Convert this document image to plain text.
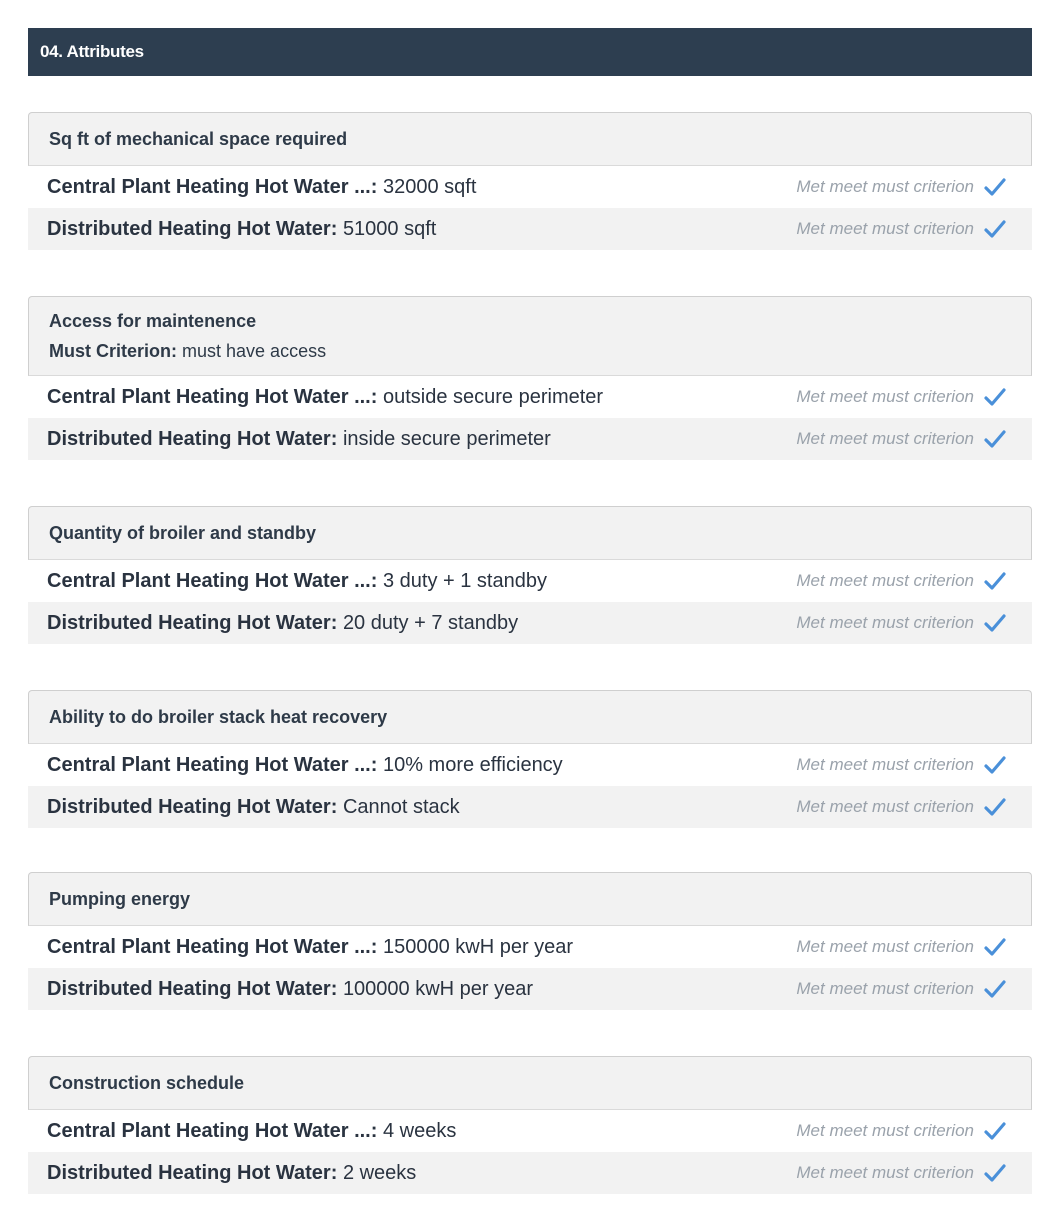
04. Attributes
Sq ft of mechanical space required
Central Plant Heating Hot Water ...: 32000 sqft	Met meet must criterion
Distributed Heating Hot Water: 51000 sqft	Met meet must criterion
Access for maintenence
Must Criterion: must have access
Central Plant Heating Hot Water ...: outside secure perimeter	Met meet must criterion
Distributed Heating Hot Water: inside secure perimeter	Met meet must criterion
Quantity of broiler and standby
Central Plant Heating Hot Water ...: 3 duty + 1 standby	Met meet must criterion
Distributed Heating Hot Water: 20 duty + 7 standby	Met meet must criterion
Ability to do broiler stack heat recovery
Central Plant Heating Hot Water ...: 10% more efficiency	Met meet must criterion
Distributed Heating Hot Water: Cannot stack	Met meet must criterion
Pumping energy
Central Plant Heating Hot Water ...: 150000 kwH per year	Met meet must criterion
Distributed Heating Hot Water: 100000 kwH per year	Met meet must criterion
Construction schedule
Central Plant Heating Hot Water ...: 4 weeks	Met meet must criterion
Distributed Heating Hot Water: 2 weeks	Met meet must criterion
